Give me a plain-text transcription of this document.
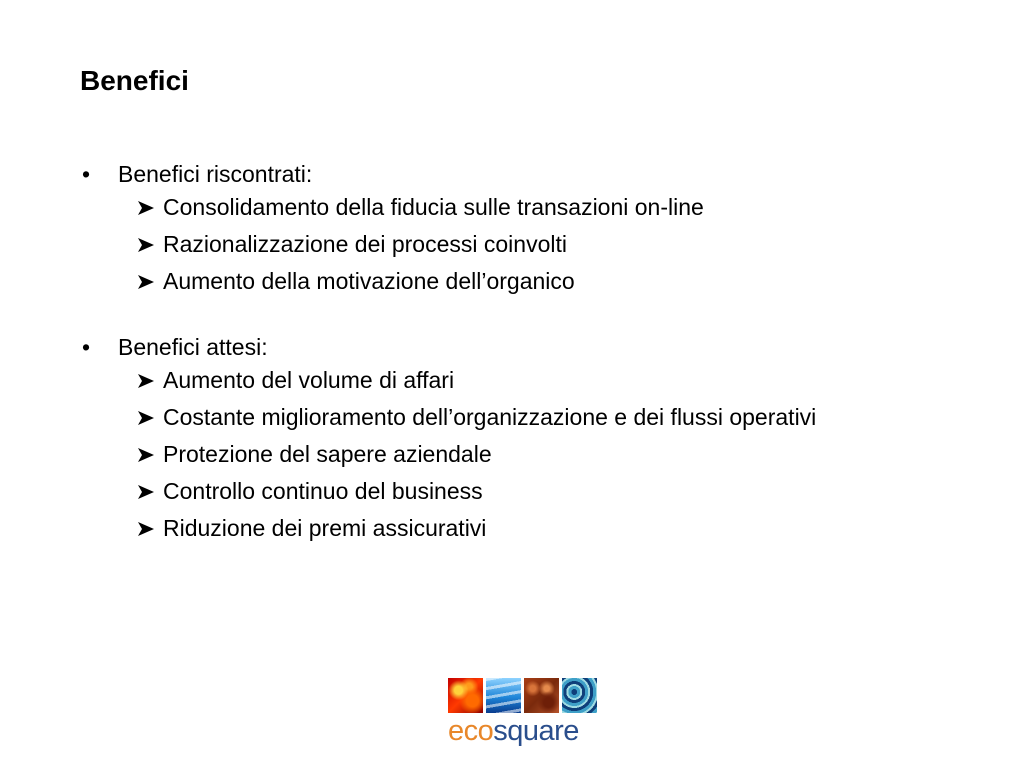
Benefici
• Benefici riscontrati:
Consolidamento della fiducia sulle transazioni on-line
Razionalizzazione dei processi coinvolti
Aumento della motivazione dell’organico
• Benefici attesi:
Aumento del volume di affari
Costante miglioramento dell’organizzazione e dei flussi operativi
Protezione del sapere aziendale
Controllo continuo del business
Riduzione dei premi assicurativi
ecosquare
